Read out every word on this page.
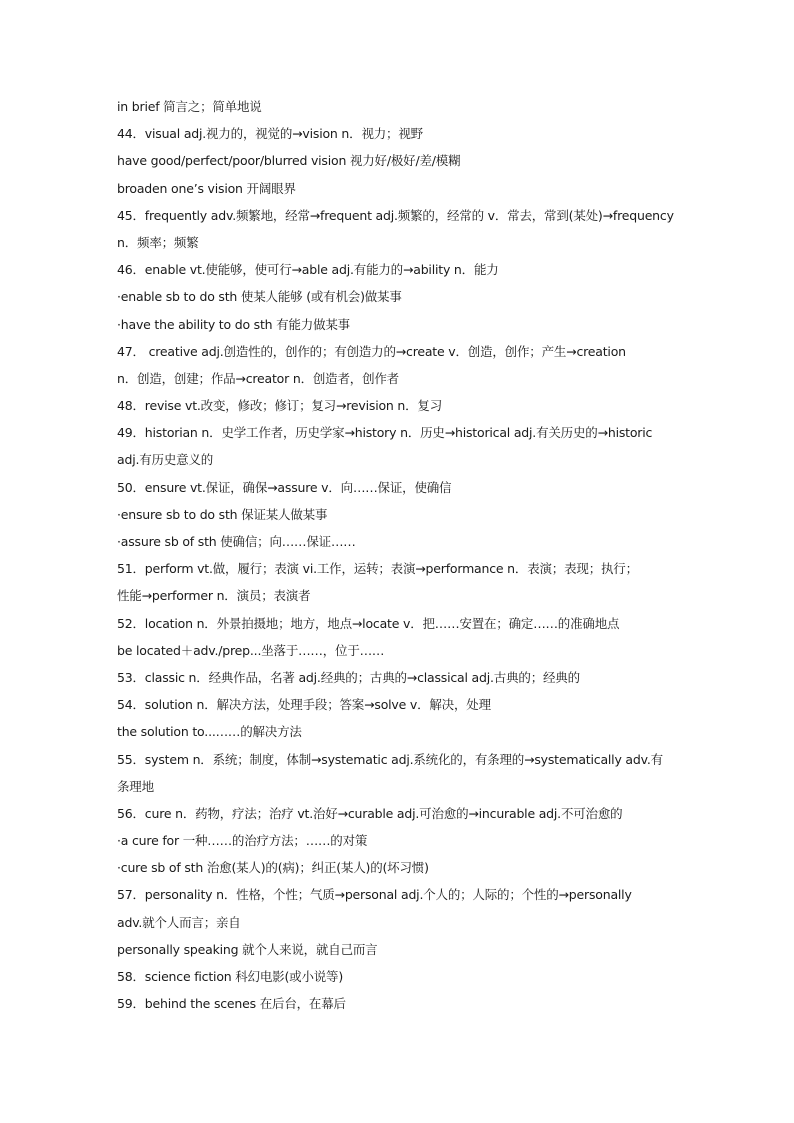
in brief 简言之；简单地说
44．visual adj.视力的，视觉的→vision n．视力；视野
have good/perfect/poor/blurred vision 视力好/极好/差/模糊
broaden one’s vision 开阔眼界
45．frequently adv.频繁地，经常→frequent adj.频繁的，经常的 v．常去，常到(某处)→frequency
n．频率；频繁
46．enable vt.使能够，使可行→able adj.有能力的→ability n．能力
·enable sb to do sth 使某人能够 (或有机会)做某事
·have the ability to do sth 有能力做某事
47． creative adj.创造性的，创作的；有创造力的→create v．创造，创作；产生→creation
n．创造，创建；作品→creator n．创造者，创作者
48．revise vt.改变，修改；修订；复习→revision n．复习
49．historian n．史学工作者，历史学家→history n．历史→historical adj.有关历史的→historic
adj.有历史意义的
50．ensure vt.保证，确保→assure v．向……保证，使确信
·ensure sb to do sth 保证某人做某事
·assure sb of sth 使确信；向……保证……
51．perform vt.做，履行；表演 vi.工作，运转；表演→performance n．表演；表现；执行；
性能→performer n．演员；表演者
52．location n．外景拍摄地；地方，地点→locate v．把……安置在；确定……的准确地点
be located＋adv./prep...坐落于……，位于……
53．classic n．经典作品，名著 adj.经典的；古典的→classical adj.古典的；经典的
54．solution n．解决方法，处理手段；答案→solve v．解决，处理
the solution to...……的解决方法
55．system n．系统；制度，体制→systematic adj.系统化的，有条理的→systematically adv.有
条理地
56．cure n．药物，疗法；治疗 vt.治好→curable adj.可治愈的→incurable adj.不可治愈的
·a cure for 一种……的治疗方法；……的对策
·cure sb of sth 治愈(某人)的(病)；纠正(某人)的(坏习惯)
57．personality n．性格，个性；气质→personal adj.个人的；人际的；个性的→personally
adv.就个人而言；亲自
personally speaking 就个人来说，就自己而言
58．science fiction 科幻电影(或小说等)
59．behind the scenes 在后台，在幕后
